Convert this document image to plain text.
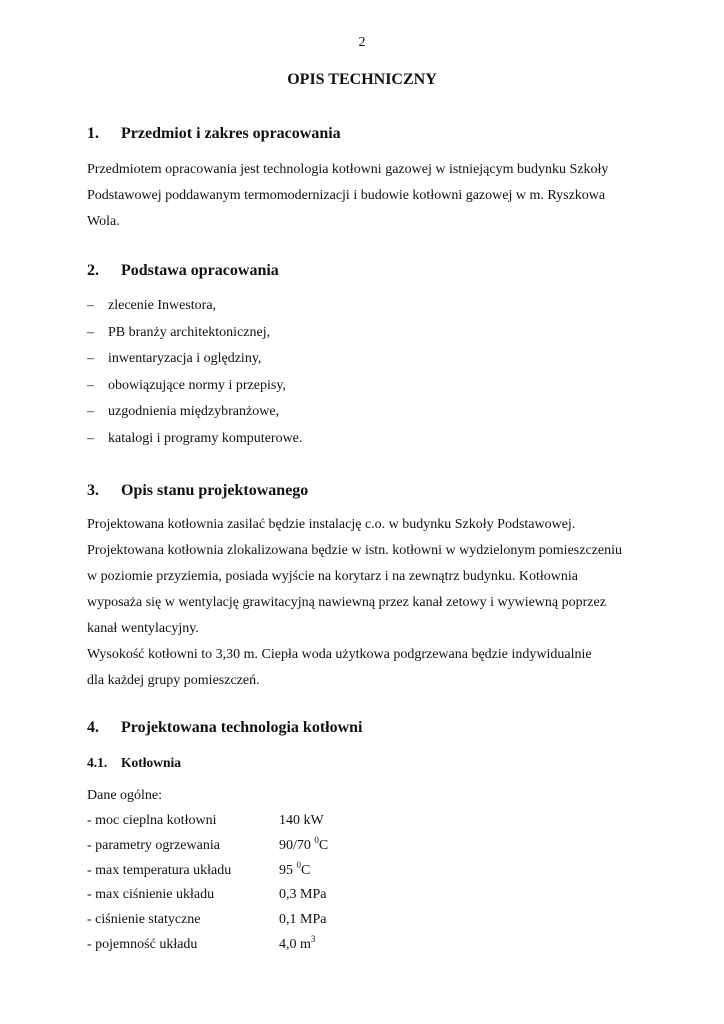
2
OPIS TECHNICZNY
1. Przedmiot i zakres opracowania
Przedmiotem opracowania jest technologia kotłowni gazowej w istniejącym budynku Szkoły
Podstawowej poddawanym termomodernizacji i budowie kotłowni gazowej w m. Ryszkowa
Wola.
2. Podstawa opracowania
– zlecenie Inwestora,
– PB branży architektonicznej,
– inwentaryzacja i oględziny,
– obowiązujące normy i przepisy,
– uzgodnienia międzybranżowe,
– katalogi i programy komputerowe.
3. Opis stanu projektowanego
Projektowana kotłownia zasilać będzie instalację c.o. w budynku Szkoły Podstawowej.
Projektowana kotłownia zlokalizowana będzie w istn. kotłowni w wydzielonym pomieszczeniu
w poziomie przyziemia, posiada wyjście na korytarz i na zewnątrz budynku. Kotłownia
wyposaża się w wentylację grawitacyjną nawiewną przez kanał zetowy i wywiewną poprzez
kanał wentylacyjny.
Wysokość kotłowni to 3,30 m. Ciepła woda użytkowa podgrzewana będzie indywidualnie
dla każdej grupy pomieszczeń.
4. Projektowana technologia kotłowni
4.1. Kotłownia
Dane ogólne:
- moc cieplna kotłowni	140 kW
- parametry ogrzewania	90/70 $^0$C
- max temperatura układu	95 $^0$C
- max ciśnienie układu	0,3 MPa
- ciśnienie statyczne	0,1 MPa
- pojemność układu	4,0 $m^3$
